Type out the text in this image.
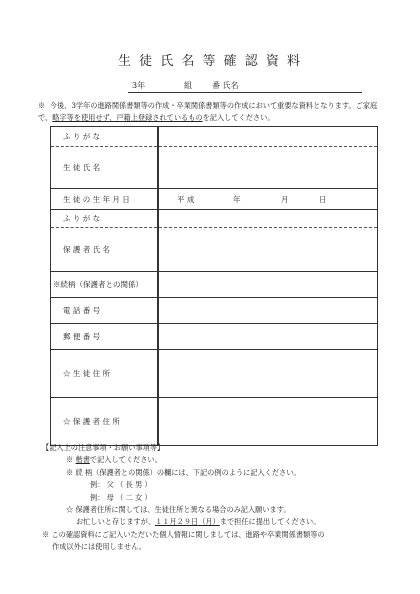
生 徒 氏 名 等 確 認 資 料
3年	組	番 氏名
※ 今後、3学年の進路関係書類等の作成・卒業関係書類等の作成において重要な資料となります。ご家庭で、略字等を使用せず、戸籍上登録されているものを記入してください。
ふ り が な	
生 徒 氏 名	
生 徒 の 生 年 月 日	平 成 年 月 日

ふ り が な	
保 護 者 氏 名	
※続柄（保護者との関係）	
電 話 番 号	
郵 便 番 号	
☆ 生 徒 住 所	
☆ 保 護 者 住 所	
【記入上の注意事項・お願い事項等】
※ 楷書で記入してください。
※ 続 柄（保護者との関係）の欄には、下記の例のように記入ください。
例： 父 （ 長 男 ）
例： 母 （ 二 女 ）
☆ 保護者住所に関しては、生徒住所と異なる場合のみ記入願います。
お忙しいと存じますが、１１月２９日（月）まで担任に提出してください。
※ この確認資料にご記入いただいた個人情報に関しましては、進路や卒業関係書類等の
作成以外には使用しません。
